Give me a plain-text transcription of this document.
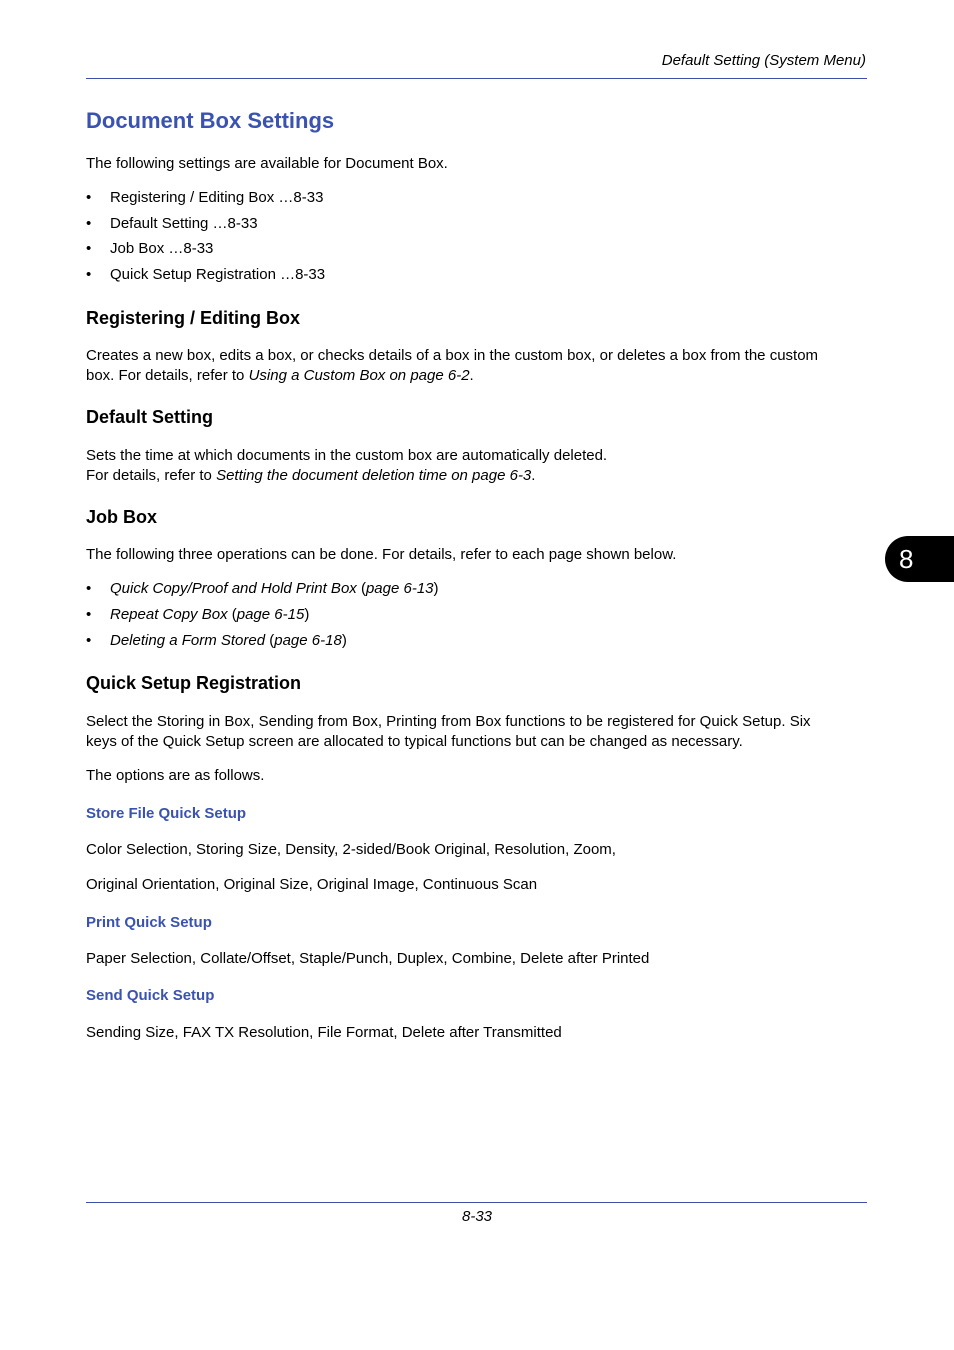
Default Setting (System Menu)
Document Box Settings
The following settings are available for Document Box.
• Registering / Editing Box …8-33
• Default Setting …8-33
• Job Box …8-33
• Quick Setup Registration …8-33
Registering / Editing Box
Creates a new box, edits a box, or checks details of a box in the custom box, or deletes a box from the custom
box. For details, refer to Using a Custom Box on page 6-2.
Default Setting
Sets the time at which documents in the custom box are automatically deleted.
For details, refer to Setting the document deletion time on page 6-3.
Job Box
The following three operations can be done. For details, refer to each page shown below.
• Quick Copy/Proof and Hold Print Box (page 6-13)
• Repeat Copy Box (page 6-15)
• Deleting a Form Stored (page 6-18)
Quick Setup Registration
Select the Storing in Box, Sending from Box, Printing from Box functions to be registered for Quick Setup. Six
keys of the Quick Setup screen are allocated to typical functions but can be changed as necessary.
The options are as follows.
Store File Quick Setup
Color Selection, Storing Size, Density, 2-sided/Book Original, Resolution, Zoom,
Original Orientation, Original Size, Original Image, Continuous Scan
Print Quick Setup
Paper Selection, Collate/Offset, Staple/Punch, Duplex, Combine, Delete after Printed
Send Quick Setup
Sending Size, FAX TX Resolution, File Format, Delete after Transmitted
8
8-33
